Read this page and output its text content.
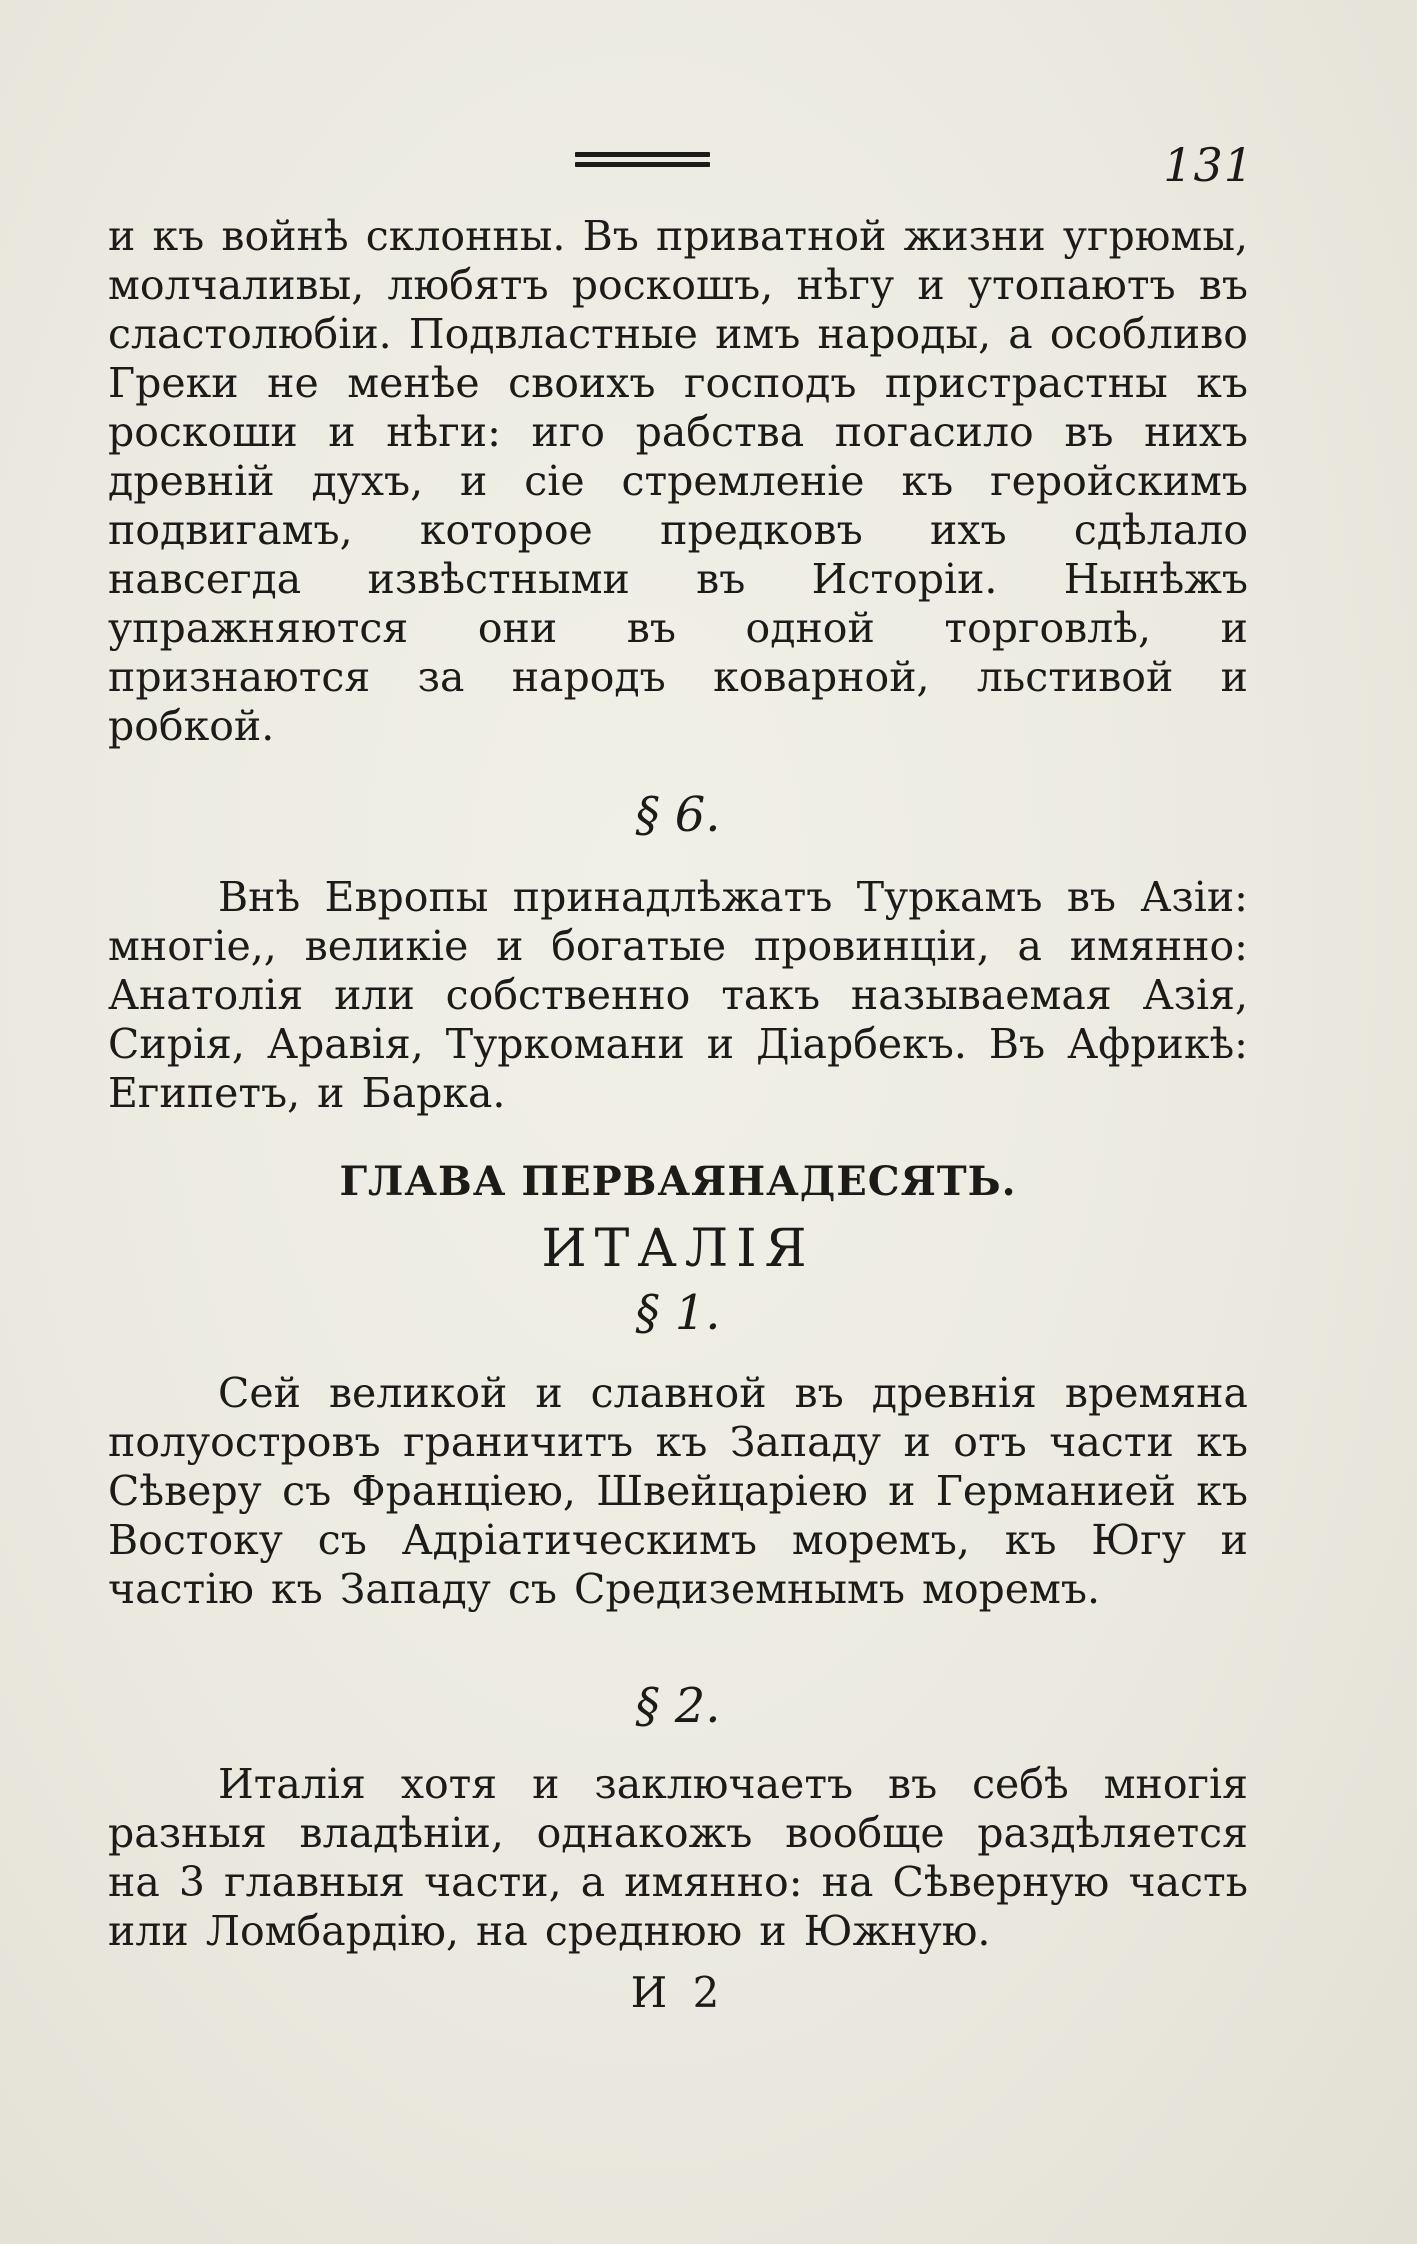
131

и къ войнѣ склонны. Въ приватной жизни угрюмы, молчаливы, любятъ роскошъ, нѣгу и утопаютъ въ сластолюбіи. Подвластные имъ народы, а особливо Греки не менѣе своихъ господъ пристрастны къ роскоши и нѣги: иго рабства погасило въ нихъ древній духъ, и сіе стремленіе къ геройскимъ подвигамъ, которое предковъ ихъ сдѣлало навсегда извѣстными въ Исторіи. Нынѣжъ упражняются они въ одной торговлѣ, и признаются за народъ коварной, льстивой и робкой.

§ 6.

Внѣ Европы принадлѣжатъ Туркамъ въ Азіи: многіе,, великіе и богатые провинціи, а имянно: Анатолія или собственно такъ называемая Азія, Сирія, Аравія, Туркомани и Діарбекъ. Въ Африкѣ: Египетъ, и Барка.

ГЛАВА ПЕРВАЯНАДЕСЯТЬ.

ИТАЛІЯ

§ 1.

Сей великой и славной въ древнія времяна полуостровъ граничитъ къ Западу и отъ части къ Сѣверу съ Франціею, Швейцаріею и Германией къ Востоку съ Адріатическимъ моремъ, къ Югу и частію къ Западу съ Средиземнымъ моремъ.

§ 2.

Италія хотя и заключаетъ въ себѣ многія разныя владѣніи, однакожъ вообще раздѣляется на 3 главныя части, а имянно: на Сѣверную часть или Ломбардію, на среднюю и Южную.

И 2
